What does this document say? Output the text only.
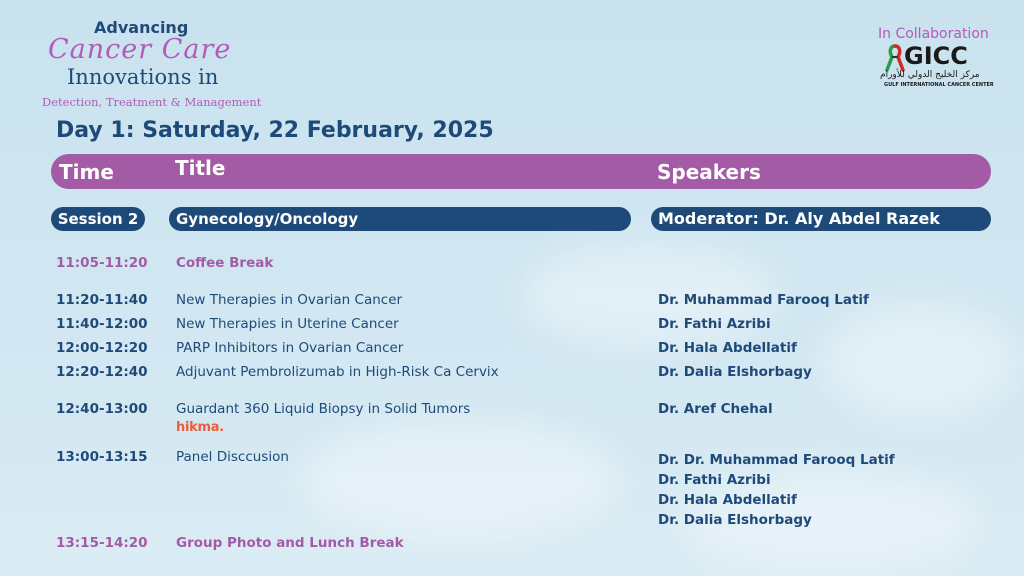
Advancing
Cancer Care
Innovations in
Detection, Treatment & Management
In Collaboration
GICC
مركز الخليج الدولي للأورام
GULF INTERNATIONAL CANCER CENTER
Day 1: Saturday, 22 February, 2025
Time	Title	Speakers
Session 2	Gynecology/Oncology	Moderator: Dr. Aly Abdel Razek
11:05-11:20 Coffee Break
11:20-11:40 New Therapies in Ovarian Cancer	Dr. Muhammad Farooq Latif
11:40-12:00 New Therapies in Uterine Cancer	Dr. Fathi Azribi
12:00-12:20 PARP Inhibitors in Ovarian Cancer	Dr. Hala Abdellatif
12:20-12:40 Adjuvant Pembrolizumab in High-Risk Ca Cervix	Dr. Dalia Elshorbagy
12:40-13:00 Guardant 360 Liquid Biopsy in Solid Tumors	Dr. Aref Chehal
hikma.
13:00-13:15 Panel Disccusion	Dr. Dr. Muhammad Farooq Latif
Dr. Fathi Azribi
Dr. Hala Abdellatif
Dr. Dalia Elshorbagy
13:15-14:20 Group Photo and Lunch Break
